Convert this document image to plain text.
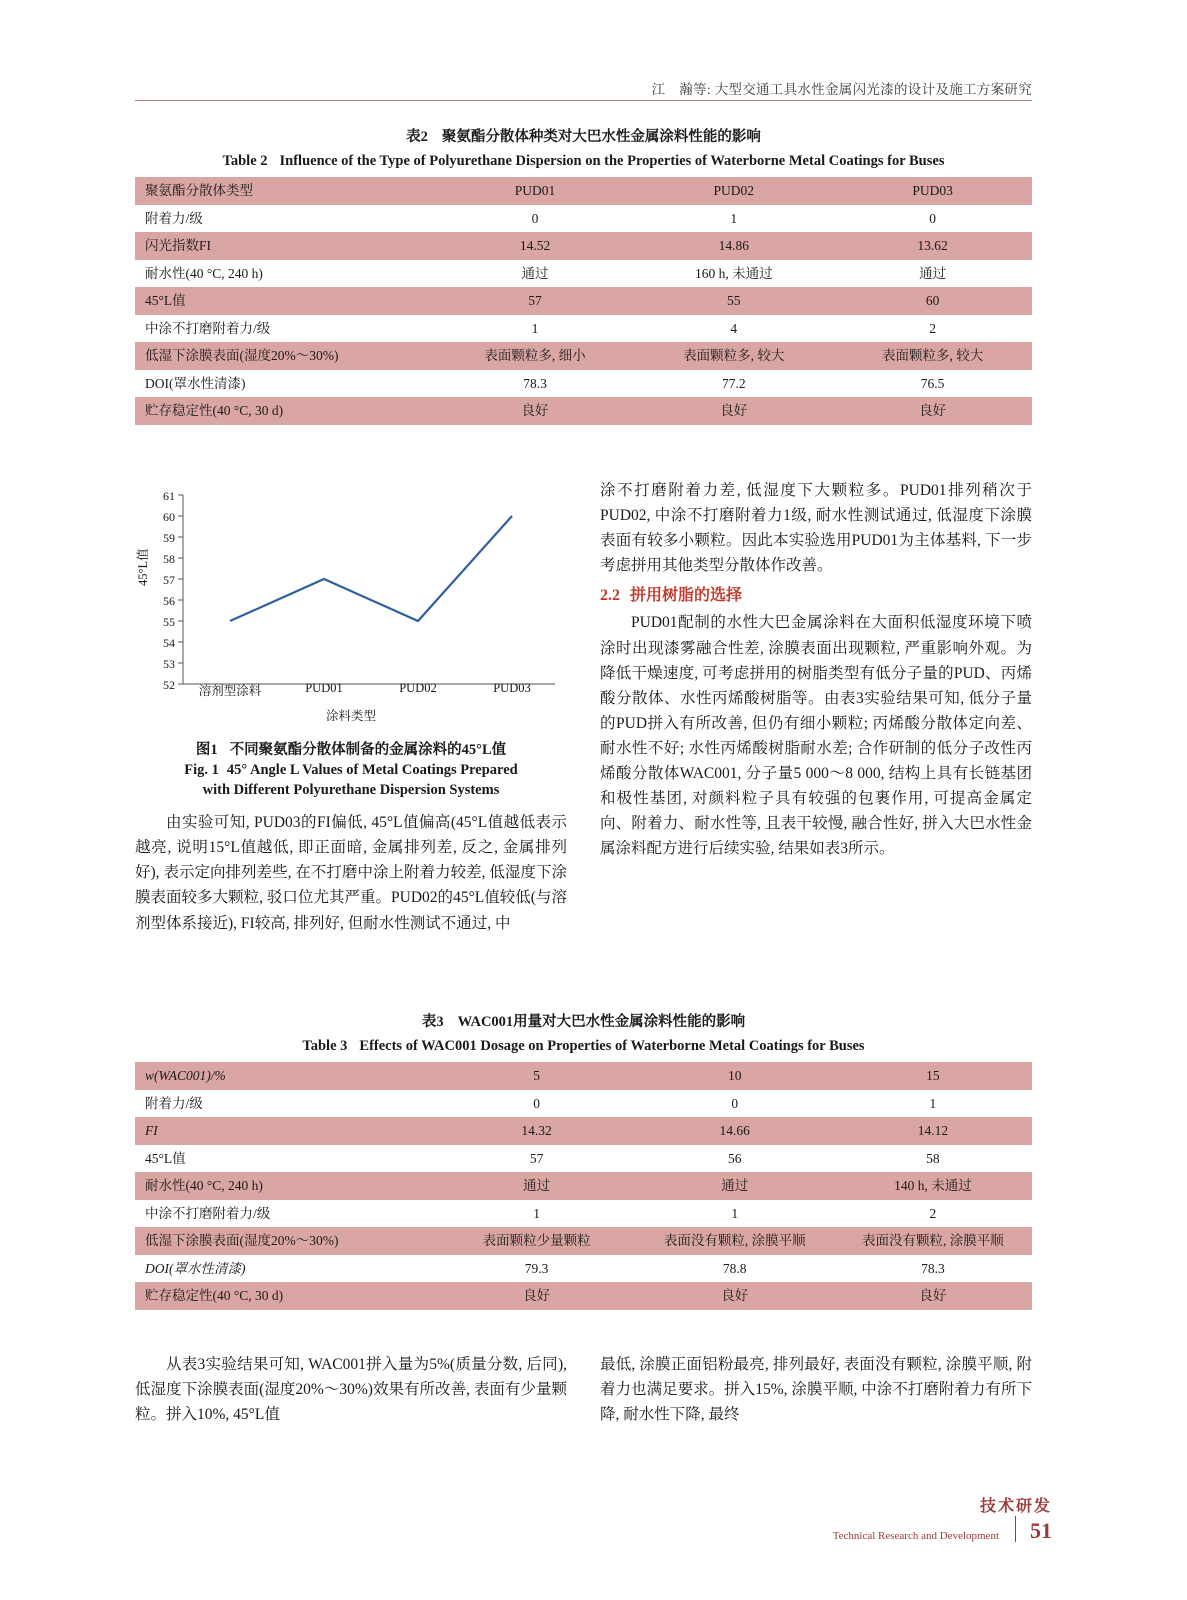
江　瀚等: 大型交通工具水性金属闪光漆的设计及施工方案研究
表2 聚氨酯分散体种类对大巴水性金属涂料性能的影响
Table 2 Influence of the Type of Polyurethane Dispersion on the Properties of Waterborne Metal Coatings for Buses
聚氨酯分散体类型	PUD01	PUD02	PUD03
附着力/级	0	1	0
闪光指数FI	14.52	14.86	13.62
耐水性(40 °C, 240 h)	通过	160 h, 未通过	通过
45°L值	57	55	60
中涂不打磨附着力/级	1	4	2
低湿下涂膜表面(湿度20%～30%)	表面颗粒多, 细小	表面颗粒多, 较大	表面颗粒多, 较大
DOI(罩水性清漆)	78.3	77.2	76.5
贮存稳定性(40 °C, 30 d)	良好	良好	良好
45°L值
61
60
59
58
57
56
55
54
53
52	溶剂型涂料	PUD01	PUD02	PUD03
涂料类型
图1 不同聚氨酯分散体制备的金属涂料的45°L值
Fig. 1 45° Angle L Values of Metal Coatings Prepared
with Different Polyurethane Dispersion Systems

由实验可知, PUD03的FI偏低, 45°L值偏高(45°L值越低表示越亮, 说明15°L值越低, 即正面暗, 金属排列差, 反之, 金属排列好), 表示定向排列差些, 在不打磨中涂上附着力较差, 低湿度下涂膜表面较多大颗粒, 驳口位尤其严重。PUD02的45°L值较低(与溶剂型体系接近), FI较高, 排列好, 但耐水性测试不通过, 中

涂不打磨附着力差, 低湿度下大颗粒多。PUD01排列稍次于PUD02, 中涂不打磨附着力1级, 耐水性测试通过, 低湿度下涂膜表面有较多小颗粒。因此本实验选用PUD01为主体基料, 下一步考虑拼用其他类型分散体作改善。

2.2 拼用树脂的选择

PUD01配制的水性大巴金属涂料在大面积低湿度环境下喷涂时出现漆雾融合性差, 涂膜表面出现颗粒, 严重影响外观。为降低干燥速度, 可考虑拼用的树脂类型有低分子量的PUD、丙烯酸分散体、水性丙烯酸树脂等。由表3实验结果可知, 低分子量的PUD拼入有所改善, 但仍有细小颗粒; 丙烯酸分散体定向差、耐水性不好; 水性丙烯酸树脂耐水差; 合作研制的低分子改性丙烯酸分散体WAC001, 分子量5 000～8 000, 结构上具有长链基团和极性基团, 对颜料粒子具有较强的包裹作用, 可提高金属定向、附着力、耐水性等, 且表干较慢, 融合性好, 拼入大巴水性金属涂料配方进行后续实验, 结果如表3所示。

表3 WAC001用量对大巴水性金属涂料性能的影响
Table 3 Effects of WAC001 Dosage on Properties of Waterborne Metal Coatings for Buses
w(WAC001)/%	5	10	15
附着力/级	0	0	1
FI	14.32	14.66	14.12
45°L值	57	56	58
耐水性(40 °C, 240 h)	通过	通过	140 h, 未通过
中涂不打磨附着力/级	1	1	2
低湿下涂膜表面(湿度20%～30%)	表面颗粒少量颗粒	表面没有颗粒, 涂膜平顺	表面没有颗粒, 涂膜平顺
DOI(罩水性清漆)	79.3	78.8	78.3
贮存稳定性(40 °C, 30 d)	良好	良好	良好

从表3实验结果可知, WAC001拼入量为5%(质量分数, 后同), 低湿度下涂膜表面(湿度20%～30%)效果有所改善, 表面有少量颗粒。拼入10%, 45°L值

最低, 涂膜正面铝粉最亮, 排列最好, 表面没有颗粒, 涂膜平顺, 附着力也满足要求。拼入15%, 涂膜平顺, 中涂不打磨附着力有所下降, 耐水性下降, 最终

技术研发
Technical Research and Development 51
